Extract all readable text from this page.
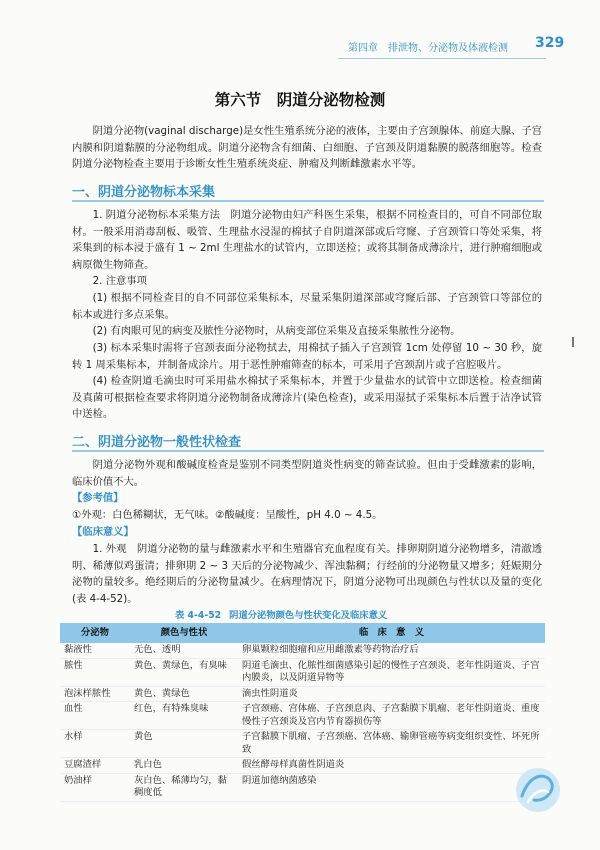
第四章　排泄物、分泌物及体液检测 329
第六节　阴道分泌物检测

阴道分泌物(vaginal discharge)是女性生殖系统分泌的液体，主要由子宫颈腺体、前庭大腺、子宫内膜和阴道黏膜的分泌物组成。阴道分泌物含有细菌、白细胞、子宫颈及阴道黏膜的脱落细胞等。检查阴道分泌物检查主要用于诊断女性生殖系统炎症、肿瘤及判断雌激素水平等。

一、阴道分泌物标本采集

1. 阴道分泌物标本采集方法　阴道分泌物由妇产科医生采集，根据不同检查目的，可自不同部位取材。一般采用消毒刮板、吸管、生理盐水浸湿的棉拭子自阴道深部或后穹窿、子宫颈管口等处采集，将采集到的标本浸于盛有 1 ~ 2ml 生理盐水的试管内，立即送检；或将其制备成薄涂片，进行肿瘤细胞或病原微生物筛查。

2. 注意事项

(1) 根据不同检查目的自不同部位采集标本，尽量采集阴道深部或穹窿后部、子宫颈管口等部位的标本或进行多点采集。

(2) 有肉眼可见的病变及脓性分泌物时，从病变部位采集及直接采集脓性分泌物。

(3) 标本采集时需将子宫颈表面分泌物拭去，用棉拭子插入子宫颈管 1cm 处停留 10 ~ 30 秒，旋转 1 周采集标本，并制备成涂片。用于恶性肿瘤筛查的标本，可采用子宫颈刮片或子宫腔吸片。

(4) 检查阴道毛滴虫时可采用盐水棉拭子采集标本，并置于少量盐水的试管中立即送检。检查细菌及真菌可根据检查要求将阴道分泌物制备成薄涂片(染色检查)，或采用湿拭子采集标本后置于洁净试管中送检。

二、阴道分泌物一般性状检查

阴道分泌物外观和酸碱度检查是鉴别不同类型阴道炎性病变的筛查试验。但由于受雌激素的影响，临床价值不大。

【参考值】

①外观：白色稀糊状，无气味。②酸碱度：呈酸性，pH 4.0 ~ 4.5。

【临床意义】

1. 外观　阴道分泌物的量与雌激素水平和生殖器官充血程度有关。排卵期阴道分泌物增多，清澈透明、稀薄似鸡蛋清；排卵期 2 ~ 3 天后的分泌物减少、浑浊黏稠；行经前的分泌物量又增多；妊娠期分泌物的量较多。绝经期后的分泌物量减少。在病理情况下，阴道分泌物可出现颜色与性状以及量的变化(表 4-4-52)。

表 4-4-52 阴道分泌物颜色与性状变化及临床意义
分泌物	颜色与性状	临　床　意　义
黏液性	无色、透明	卵巢颗粒细胞瘤和应用雌激素等药物治疗后
脓性	黄色、黄绿色，有臭味	阴道毛滴虫、化脓性细菌感染引起的慢性子宫颈炎、老年性阴道炎、子宫内膜炎，以及阴道异物等
泡沫样脓性	黄色、黄绿色	滴虫性阴道炎
血性	红色，有特殊臭味	子宫颈癌、宫体癌、子宫颈息肉、子宫黏膜下肌瘤、老年性阴道炎、重度慢性子宫颈炎及宫内节育器损伤等
水样	黄色	子宫黏膜下肌瘤、子宫颈癌、宫体癌、输卵管癌等病变组织变性、坏死所致
豆腐渣样	乳白色	假丝酵母样真菌性阴道炎
奶油样	灰白色、稀薄均匀，黏稠度低	阴道加德纳菌感染
